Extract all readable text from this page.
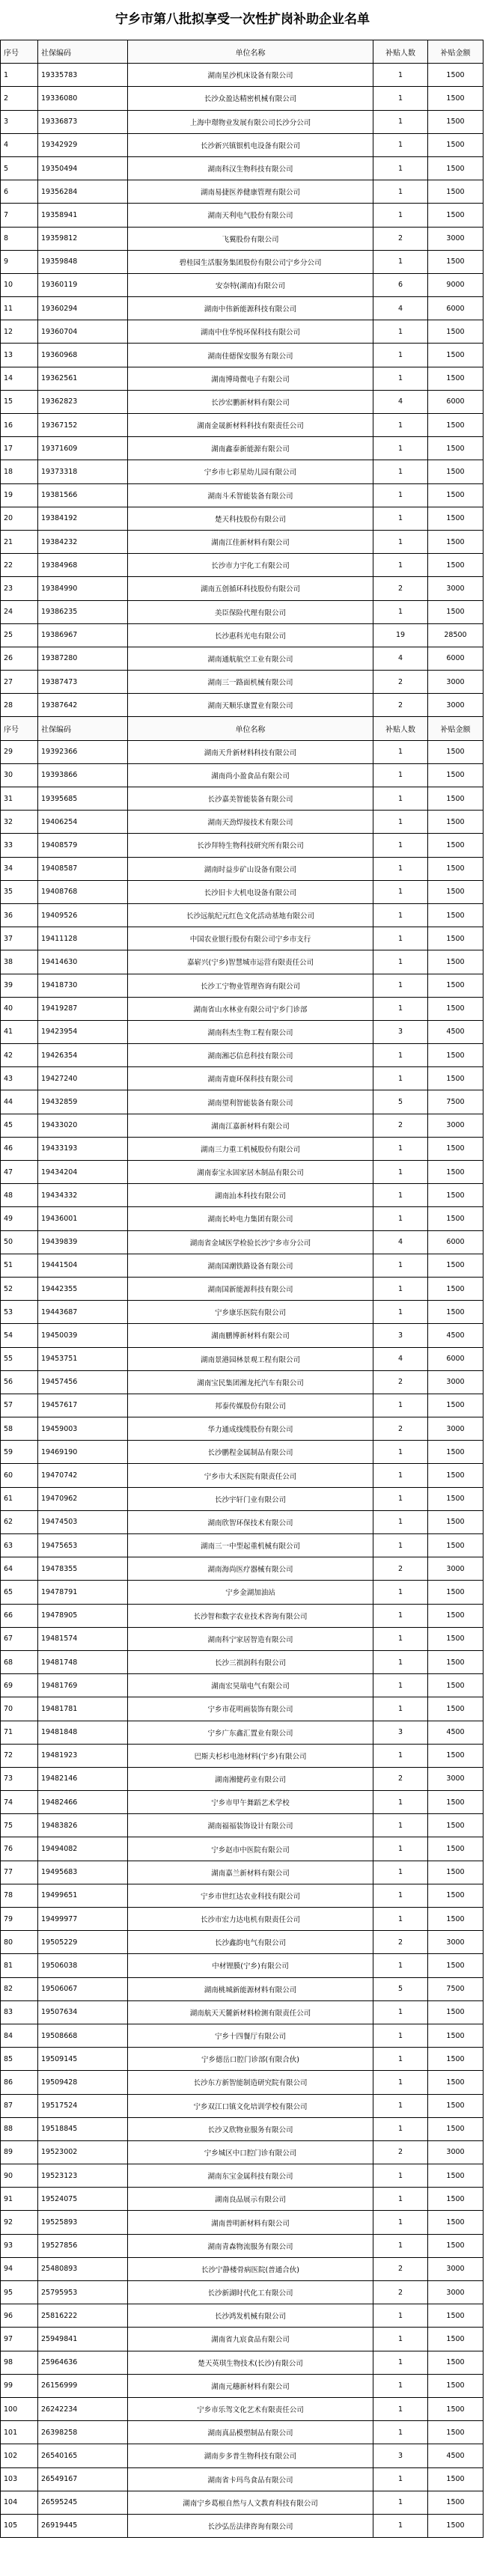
宁乡市第八批拟享受一次性扩岗补助企业名单
序号	社保编码	单位名称	补贴人数	补贴金额
1	19335783	湖南星沙机床设备有限公司	1	1500
2	19336080	长沙众盈达精密机械有限公司	1	1500
3	19336873	上海中璟物业发展有限公司长沙分公司	1	1500
4	19342929	长沙新兴镇银机电设备有限公司	1	1500
5	19350494	湖南科汉生物科技有限公司	1	1500
6	19356284	湖南易捷医养健康管理有限公司	1	1500
7	19358941	湖南天利电气股份有限公司	1	1500
8	19359812	飞翼股份有限公司	2	3000
9	19359848	碧桂园生活服务集团股份有限公司宁乡分公司	1	1500
10	19360119	安奈特(湖南)有限公司	6	9000
11	19360294	湖南中伟新能源科技有限公司	4	6000
12	19360704	湖南中住华悦环保科技有限公司	1	1500
13	19360968	湖南佳德保安服务有限公司	1	1500
14	19362561	湖南博琦微电子有限公司	1	1500
15	19362823	长沙宏鹏新材料有限公司	4	6000
16	19367152	湖南金晟新材料科技有限责任公司	1	1500
17	19371609	湖南鑫泰新能源有限公司	1	1500
18	19373318	宁乡市七彩星幼儿园有限公司	1	1500
19	19381566	湖南斗禾智能装备有限公司	1	1500
20	19384192	楚天科技股份有限公司	1	1500
21	19384232	湖南江佳新材料有限公司	1	1500
22	19384968	长沙市力宇化工有限公司	1	1500
23	19384990	湖南五创循环科技股份有限公司	2	3000
24	19386235	美臣保险代理有限公司	1	1500
25	19386967	长沙惠科光电有限公司	19	28500
26	19387280	湖南通航航空工业有限公司	4	6000
27	19387473	湖南三一路面机械有限公司	2	3000
28	19387642	湖南天顺乐康置业有限公司	2	3000
序号	社保编码	单位名称	补贴人数	补贴金额
29	19392366	湖南天升新材料科技有限公司	1	1500
30	19393866	湖南尚小盈食品有限公司	1	1500
31	19395685	长沙嘉美智能装备有限公司	1	1500
32	19406254	湖南天劲焊接技术有限公司	1	1500
33	19408579	长沙拜特生物科技研究所有限公司	1	1500
34	19408587	湖南时益步矿山设备有限公司	1	1500
35	19408768	长沙旧卡大机电设备有限公司	1	1500
36	19409526	长沙远航纪元红色文化活动基地有限公司	1	1500
37	19411128	中国农业银行股份有限公司宁乡市支行	1	1500
38	19414630	嘉崭兴(宁乡)智慧城市运营有限责任公司	1	1500
39	19418730	长沙工宁物业管理咨询有限公司	1	1500
40	19419287	湖南省山水林业有限公司宁乡门诊部	1	1500
41	19423954	湖南科杰生物工程有限公司	3	4500
42	19426354	湖南湘芯信息科技有限公司	1	1500
43	19427240	湖南青鹿环保科技有限公司	1	1500
44	19432859	湖南望利智能装备有限公司	5	7500
45	19433020	湖南江嘉新材料有限公司	2	3000
46	19433193	湖南三力重工机械股份有限公司	1	1500
47	19434204	湖南泰宝永固家居木制品有限公司	1	1500
48	19434332	湖南汕本科技有限公司	1	1500
49	19436001	湖南长岭电力集团有限公司	1	1500
50	19439839	湖南省金域医学检验长沙宁乡市分公司	4	6000
51	19441504	湖南国潮铁路设备有限公司	1	1500
52	19442355	湖南国新能源科技有限公司	1	1500
53	19443687	宁乡康乐医院有限公司	1	1500
54	19450039	湖南鹏博新材料有限公司	3	4500
55	19453751	湖南景港园林景观工程有限公司	4	6000
56	19457456	湖南宝民集团湘龙托汽车有限公司	2	3000
57	19457617	邦泰传媒股份有限公司	1	1500
58	19459003	华力通成线缆股份有限公司	2	3000
59	19469190	长沙鹏程金属制品有限公司	1	1500
60	19470742	宁乡市大禾医院有限责任公司	1	1500
61	19470962	长沙宇轩门业有限公司	1	1500
62	19474503	湖南欣智环保技术有限公司	1	1500
63	19475653	湖南三一中型起重机械有限公司	1	1500
64	19478355	湖南海尚医疗器械有限公司	2	3000
65	19478791	宁乡金湖加油站	1	1500
66	19478905	长沙智和数字农业技术咨询有限公司	1	1500
67	19481574	湖南科宁家居智造有限公司	1	1500
68	19481748	长沙三祺润科有限公司	1	1500
69	19481769	湖南宏昊瑞电气有限公司	1	1500
70	19481781	宁乡市花明画装饰有限公司	1	1500
71	19481848	宁乡广东鑫汇置业有限公司	3	4500
72	19481923	巴斯夫杉杉电池材料(宁乡)有限公司	1	1500
73	19482146	湖南湘健药业有限公司	2	3000
74	19482466	宁乡市甲午舞蹈艺术学校	1	1500
75	19483826	湖南福福装饰设计有限公司	1	1500
76	19494082	宁乡赵市中医院有限公司	1	1500
77	19495683	湖南嘉兰新材料有限公司	1	1500
78	19499651	宁乡市世红达农业科技有限公司	1	1500
79	19499977	长沙市宏力达电机有限责任公司	1	1500
80	19505229	长沙鑫韵电气有限公司	2	3000
81	19506038	中材锂膜(宁乡)有限公司	1	1500
82	19506067	湖南桃城新能源材料有限公司	5	7500
83	19507634	湖南航天天麓新材料检测有限责任公司	1	1500
84	19508668	宁乡十四餐厅有限公司	1	1500
85	19509145	宁乡德岳口腔门诊部(有限合伙)	1	1500
86	19509428	长沙东方新智能制造研究院有限公司	1	1500
87	19517524	宁乡双江口镇文化培训学校有限公司	1	1500
88	19518845	长沙又欣物业服务有限公司	1	1500
89	19523002	宁乡城区中口腔门诊有限公司	2	3000
90	19523123	湖南东宝金属科技有限公司	1	1500
91	19524075	湖南良品展示有限公司	1	1500
92	19525893	湖南普明新材料有限公司	1	1500
93	19527856	湖南青森物流服务有限公司	1	1500
94	25480893	长沙宁静楼骨病医院(普通合伙)	2	3000
95	25795953	长沙新湖时代化工有限公司	2	3000
96	25816222	长沙鸿发机械有限公司	1	1500
97	25949841	湖南省九宸食品有限公司	1	1500
98	25964636	楚天英琪生物技术(长沙)有限公司	1	1500
99	26156999	湖南元穗新材料有限公司	1	1500
100	26242234	宁乡市乐驾文化艺术有限责任公司	1	1500
101	26398258	湖南真品模塑制品有限公司	1	1500
102	26540165	湖南步多普生物科技有限公司	3	4500
103	26549167	湖南省卡玛鸟食品有限公司	1	1500
104	26595245	湖南宁乡葛根自然与人文教育科技有限公司	1	1500
105	26919445	长沙弘岳法律咨询有限公司	1	1500
